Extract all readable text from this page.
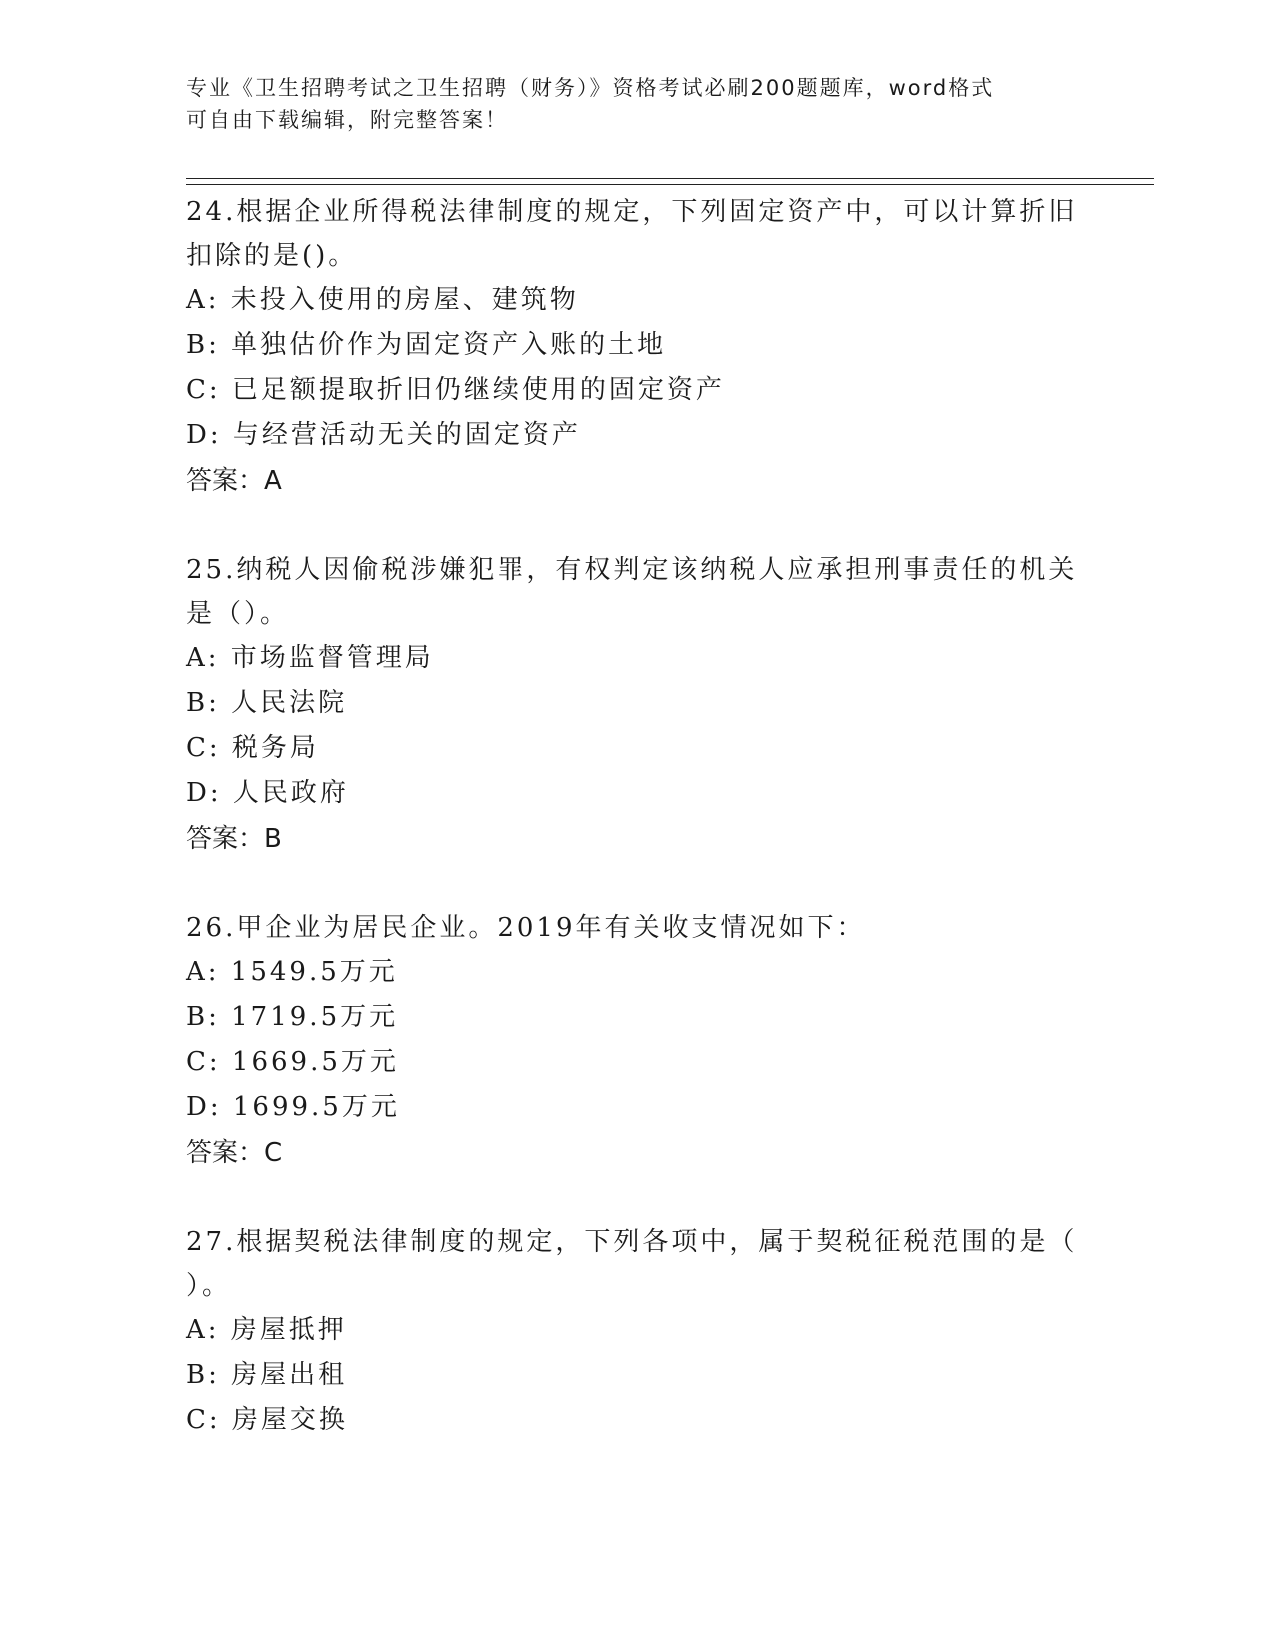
专业《卫生招聘考试之卫生招聘（财务）》资格考试必刷200题题库，word格式
可自由下载编辑，附完整答案！

24.根据企业所得税法律制度的规定，下列固定资产中，可以计算折旧

扣除的是()。

A: 未投入使用的房屋、建筑物

B: 单独估价作为固定资产入账的土地

C: 已足额提取折旧仍继续使用的固定资产

D: 与经营活动无关的固定资产

答案：A

25.纳税人因偷税涉嫌犯罪，有权判定该纳税人应承担刑事责任的机关

是（）。

A: 市场监督管理局

B: 人民法院

C: 税务局

D: 人民政府

答案：B

26.甲企业为居民企业。2019年有关收支情况如下：

A: 1549.5万元

B: 1719.5万元

C: 1669.5万元

D: 1699.5万元

答案：C

27.根据契税法律制度的规定，下列各项中，属于契税征税范围的是（

）。

A: 房屋抵押

B: 房屋出租

C: 房屋交换
